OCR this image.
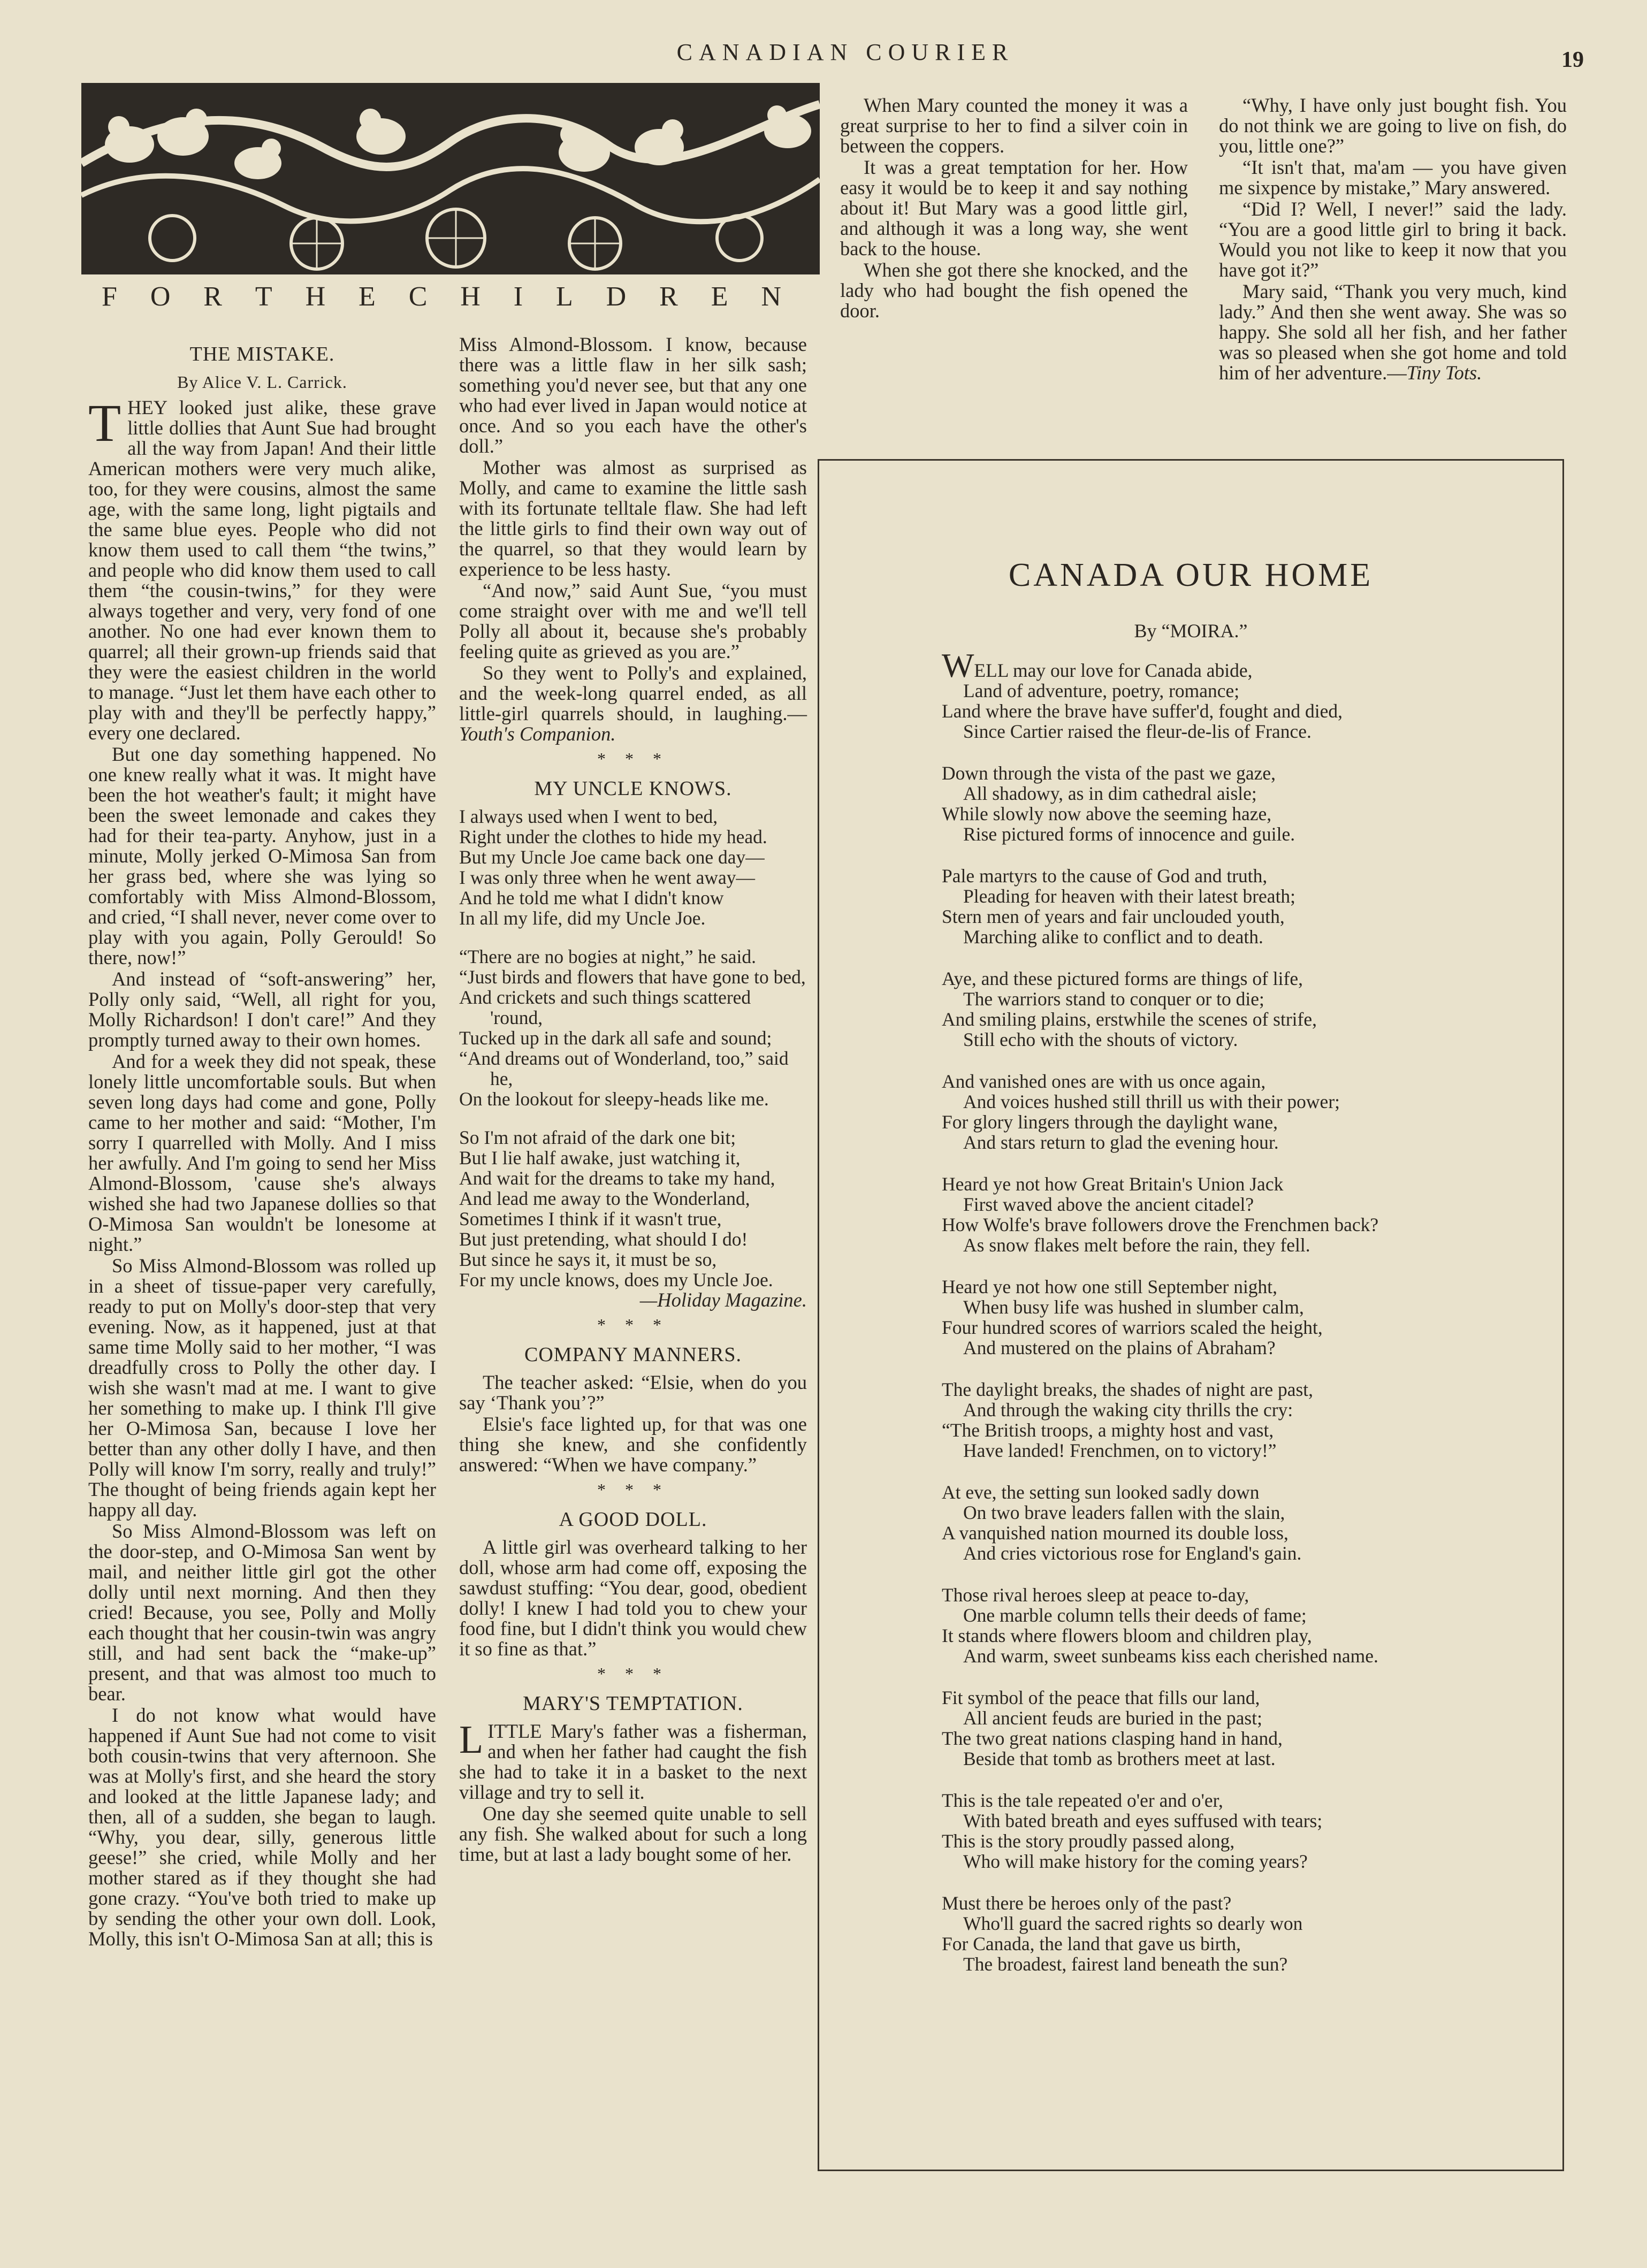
CANADIAN COURIER	19
F O R T H E C H I L D R E N
THE MISTAKE.
By Alice V. L. Carrick.

THEY looked just alike, these grave little dollies that Aunt Sue had brought all the way from Japan! And their little American mothers were very much alike, too, for they were cousins, almost the same age, with the same long, light pigtails and the same blue eyes. People who did not know them used to call them “the twins,” and people who did know them used to call them “the cousin-twins,” for they were always together and very, very fond of one another. No one had ever known them to quarrel; all their grown-up friends said that they were the easiest children in the world to manage. “Just let them have each other to play with and they'll be perfectly happy,” every one declared.

But one day something happened. No one knew really what it was. It might have been the hot weather's fault; it might have been the sweet lemonade and cakes they had for their tea-party. Anyhow, just in a minute, Molly jerked O-Mimosa San from her grass bed, where she was lying so comfortably with Miss Almond-Blossom, and cried, “I shall never, never come over to play with you again, Polly Gerould! So there, now!”

And instead of “soft-answering” her, Polly only said, “Well, all right for you, Molly Richardson! I don't care!” And they promptly turned away to their own homes.

And for a week they did not speak, these lonely little uncomfortable souls. But when seven long days had come and gone, Polly came to her mother and said: “Mother, I'm sorry I quarrelled with Molly. And I miss her awfully. And I'm going to send her Miss Almond-Blossom, 'cause she's always wished she had two Japanese dollies so that O-Mimosa San wouldn't be lonesome at night.”

So Miss Almond-Blossom was rolled up in a sheet of tissue-paper very carefully, ready to put on Molly's door-step that very evening. Now, as it happened, just at that same time Molly said to her mother, “I was dreadfully cross to Polly the other day. I wish she wasn't mad at me. I want to give her something to make up. I think I'll give her O-Mimosa San, because I love her better than any other dolly I have, and then Polly will know I'm sorry, really and truly!” The thought of being friends again kept her happy all day.

So Miss Almond-Blossom was left on the door-step, and O-Mimosa San went by mail, and neither little girl got the other dolly until next morning. And then they cried! Because, you see, Polly and Molly each thought that her cousin-twin was angry still, and had sent back the “make-up” present, and that was almost too much to bear.

I do not know what would have happened if Aunt Sue had not come to visit both cousin-twins that very afternoon. She was at Molly's first, and she heard the story and looked at the little Japanese lady; and then, all of a sudden, she began to laugh. “Why, you dear, silly, generous little geese!” she cried, while Molly and her mother stared as if they thought she had gone crazy. “You've both tried to make up by sending the other your own doll. Look, Molly, this isn't O-Mimosa San at all; this is

Miss Almond-Blossom. I know, because there was a little flaw in her silk sash; something you'd never see, but that any one who had ever lived in Japan would notice at once. And so you each have the other's doll.”

Mother was almost as surprised as Molly, and came to examine the little sash with its fortunate telltale flaw. She had left the little girls to find their own way out of the quarrel, so that they would learn by experience to be less hasty.

“And now,” said Aunt Sue, “you must come straight over with me and we'll tell Polly all about it, because she's probably feeling quite as grieved as you are.”

So they went to Polly's and explained, and the week-long quarrel ended, as all little-girl quarrels should, in laughing.—Youth's Companion.

* * *
MY UNCLE KNOWS.
I always used when I went to bed,
Right under the clothes to hide my head.
But my Uncle Joe came back one day—
I was only three when he went away—
And he told me what I didn't know
In all my life, did my Uncle Joe.
“There are no bogies at night,” he said.
“Just birds and flowers that have gone to bed,
And crickets and such things scattered 'round,
Tucked up in the dark all safe and sound;
“And dreams out of Wonderland, too,” said he,
On the lookout for sleepy-heads like me.
So I'm not afraid of the dark one bit;
But I lie half awake, just watching it,
And wait for the dreams to take my hand,
And lead me away to the Wonderland,
Sometimes I think if it wasn't true,
But just pretending, what should I do!
But since he says it, it must be so,
For my uncle knows, does my Uncle Joe.
—Holiday Magazine.
* * *
COMPANY MANNERS.

The teacher asked: “Elsie, when do you say ‘Thank you’?”

Elsie's face lighted up, for that was one thing she knew, and she confidently answered: “When we have company.”

* * *
A GOOD DOLL.

A little girl was overheard talking to her doll, whose arm had come off, exposing the sawdust stuffing: “You dear, good, obedient dolly! I knew I had told you to chew your food fine, but I didn't think you would chew it so fine as that.”

* * *
MARY'S TEMPTATION.

LITTLE Mary's father was a fisherman, and when her father had caught the fish she had to take it in a basket to the next village and try to sell it.

One day she seemed quite unable to sell any fish. She walked about for such a long time, but at last a lady bought some of her.

When Mary counted the money it was a great surprise to her to find a silver coin in between the coppers.

It was a great temptation for her. How easy it would be to keep it and say nothing about it! But Mary was a good little girl, and although it was a long way, she went back to the house.

When she got there she knocked, and the lady who had bought the fish opened the door.

“Why, I have only just bought fish. You do not think we are going to live on fish, do you, little one?”

“It isn't that, ma'am — you have given me sixpence by mistake,” Mary answered.

“Did I? Well, I never!” said the lady. “You are a good little girl to bring it back. Would you not like to keep it now that you have got it?”

Mary said, “Thank you very much, kind lady.” And then she went away. She was so happy. She sold all her fish, and her father was so pleased when she got home and told him of her adventure.—Tiny Tots.

CANADA OUR HOME
By “MOIRA.”
WELL may our love for Canada abide,
Land of adventure, poetry, romance;
Land where the brave have suffer'd, fought and died,
Since Cartier raised the fleur-de-lis of France.
Down through the vista of the past we gaze,
All shadowy, as in dim cathedral aisle;
While slowly now above the seeming haze,
Rise pictured forms of innocence and guile.
Pale martyrs to the cause of God and truth,
Pleading for heaven with their latest breath;
Stern men of years and fair unclouded youth,
Marching alike to conflict and to death.
Aye, and these pictured forms are things of life,
The warriors stand to conquer or to die;
And smiling plains, erstwhile the scenes of strife,
Still echo with the shouts of victory.
And vanished ones are with us once again,
And voices hushed still thrill us with their power;
For glory lingers through the daylight wane,
And stars return to glad the evening hour.
Heard ye not how Great Britain's Union Jack
First waved above the ancient citadel?
How Wolfe's brave followers drove the Frenchmen back?
As snow flakes melt before the rain, they fell.
Heard ye not how one still September night,
When busy life was hushed in slumber calm,
Four hundred scores of warriors scaled the height,
And mustered on the plains of Abraham?
The daylight breaks, the shades of night are past,
And through the waking city thrills the cry:
“The British troops, a mighty host and vast,
Have landed! Frenchmen, on to victory!”
At eve, the setting sun looked sadly down
On two brave leaders fallen with the slain,
A vanquished nation mourned its double loss,
And cries victorious rose for England's gain.
Those rival heroes sleep at peace to-day,
One marble column tells their deeds of fame;
It stands where flowers bloom and children play,
And warm, sweet sunbeams kiss each cherished name.
Fit symbol of the peace that fills our land,
All ancient feuds are buried in the past;
The two great nations clasping hand in hand,
Beside that tomb as brothers meet at last.
This is the tale repeated o'er and o'er,
With bated breath and eyes suffused with tears;
This is the story proudly passed along,
Who will make history for the coming years?
Must there be heroes only of the past?
Who'll guard the sacred rights so dearly won
For Canada, the land that gave us birth,
The broadest, fairest land beneath the sun?
